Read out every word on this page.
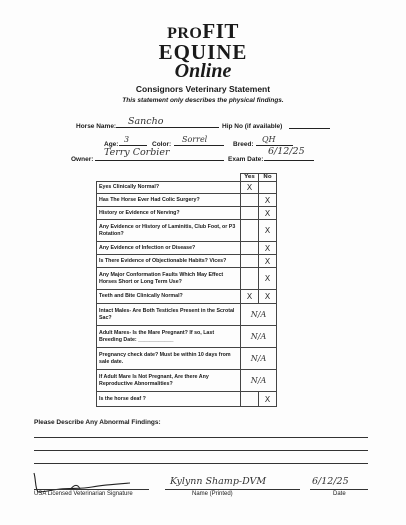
PROFIT
EQUINE
Online
Consignors Veterinary Statement
This statement only describes the physical findings.
Horse Name: Sancho	Hip No (if available)
Age:
3
Color:
Sorrel
Breed:
QH
Owner:
Terry Corbier
Exam Date:
6/12/25
	Yes	No
Eyes Clinically Normal?	X	
Has The Horse Ever Had Colic Surgery?		X
History or Evidence of Nerving?		X
Any Evidence or History of Laminitis, Club Foot, or P3 Rotation?		X
Any Evidence of Infection or Disease?		X
Is There Evidence of Objectionable Habits? Vices?		X
Any Major Conformation Faults Which May Effect Horses Short or Long Term Use?		X
Teeth and Bite Clinically Normal?	X	X
Intact Males- Are Both Testicles Present in the Scrotal Sac?	N/A	
Adult Mares- Is the Mare Pregnant? If so, Last Breeding Date: ____________	N/A	
Pregnancy check date? Must be within 10 days from sale date.	N/A	
If Adult Mare Is Not Pregnant, Are there Any Reproductive Abnormalities?	N/A	
Is the horse deaf ?		X
Please Describe Any Abnormal Findings:
USA Licensed Veterinarian Signature
Kylynn Shamp-DVM
Name (Printed)
6/12/25
Date
